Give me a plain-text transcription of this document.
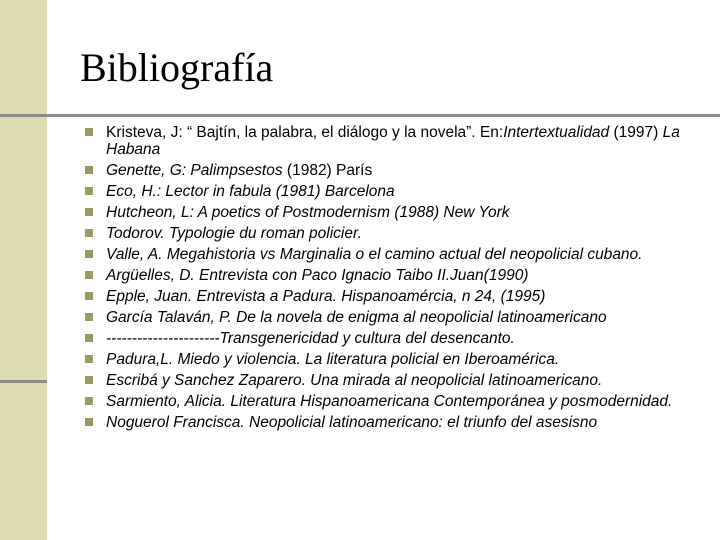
Bibliografía
Kristeva, J: “ Bajtín, la palabra, el diálogo y la novela”. En:Intertextualidad (1997) La Habana
Genette, G: Palimpsestos (1982) París
Eco, H.: Lector in fabula (1981) Barcelona
Hutcheon, L: A poetics of Postmodernism (1988) New York
Todorov. Typologie du roman policier.
Valle, A. Megahistoria vs Marginalia o el camino actual del neopolicial cubano.
Argüelles, D. Entrevista con Paco Ignacio Taibo II.Juan(1990)
Epple, Juan. Entrevista a Padura. Hispanoamércia, n 24, (1995)
García Talaván, P. De la novela de enigma al neopolicial latinoamericano
----------------------Transgenericidad y cultura del desencanto.
Padura,L. Miedo y violencia. La literatura policial en Iberoamérica.
Escribá y Sanchez Zaparero. Una mirada al neopolicial latinoamericano.
Sarmiento, Alicia. Literatura Hispanoamericana Contemporánea y posmodernidad.
Noguerol Francisca. Neopolicial latinoamericano: el triunfo del asesisno
